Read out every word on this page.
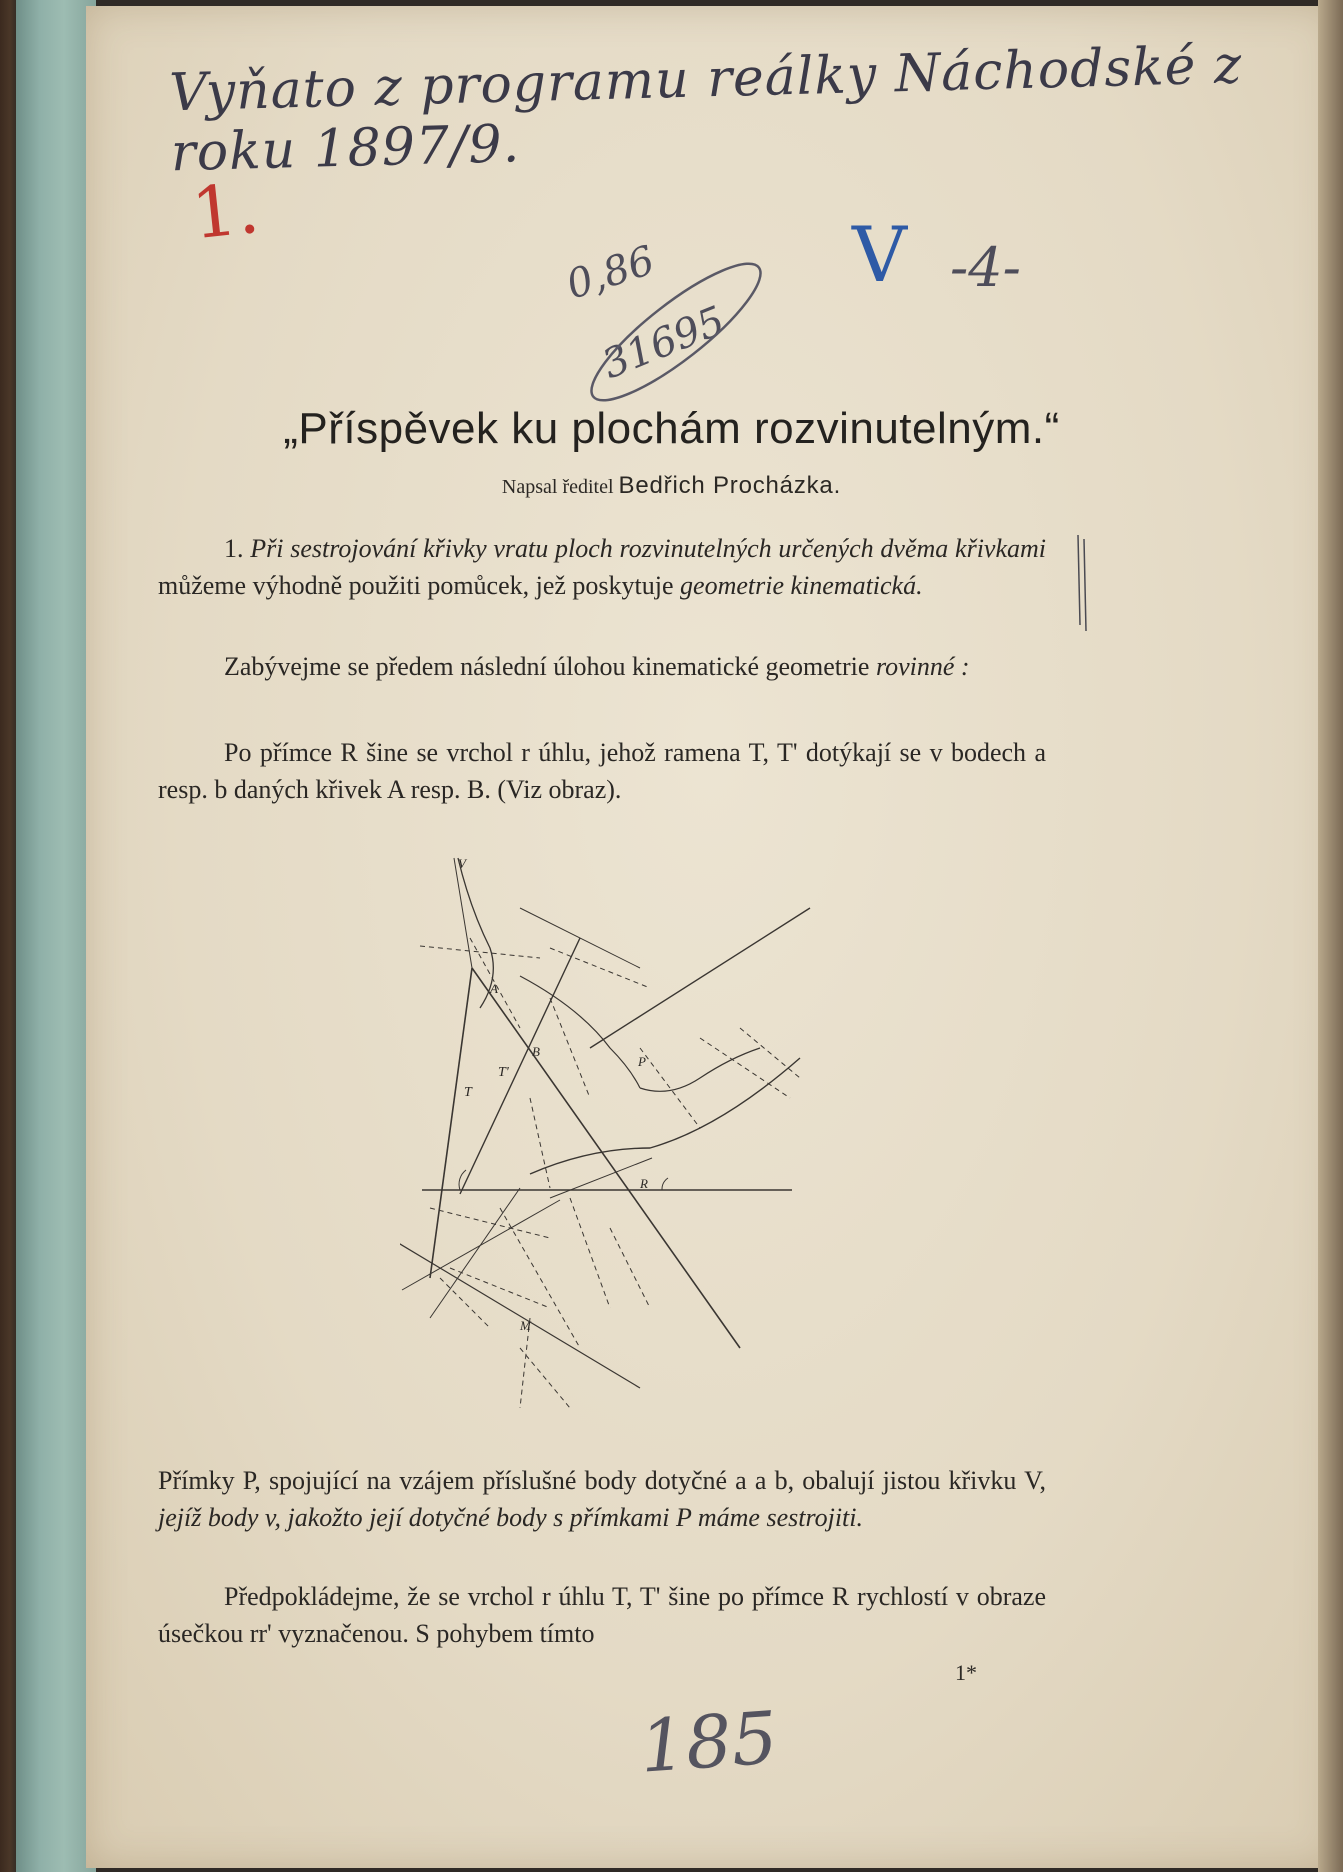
Vyňato z programu reálky Náchodské z roku 1897/9.
1.
0,86
31695
V -4-
„Příspěvek ku plochám rozvinutelným.“
Napsal ředitel Bedřich Procházka.
1. Při sestrojování křivky vratu ploch rozvinutelných určených dvěma křivkami můžeme výhodně použiti pomůcek, jež poskytuje geometrie kinematická.
Zabývejme se předem následní úlohou kinematické geometrie rovinné :
Po přímce R šine se vrchol r úhlu, jehož ramena T, T' dotýkají se v bodech a resp. b daných křivek A resp. B. (Viz obraz).
T
T'
P
R
A
B
M
V
Přímky P, spojující na vzájem příslušné body dotyčné a a b, obalují jistou křivku V, jejíž body v, jakožto její dotyčné body s přímkami P máme sestrojiti.
Předpokládejme, že se vrchol r úhlu T, T' šine po přímce R rychlostí v obraze úsečkou rr' vyznačenou. S pohybem tímto
1*
185
